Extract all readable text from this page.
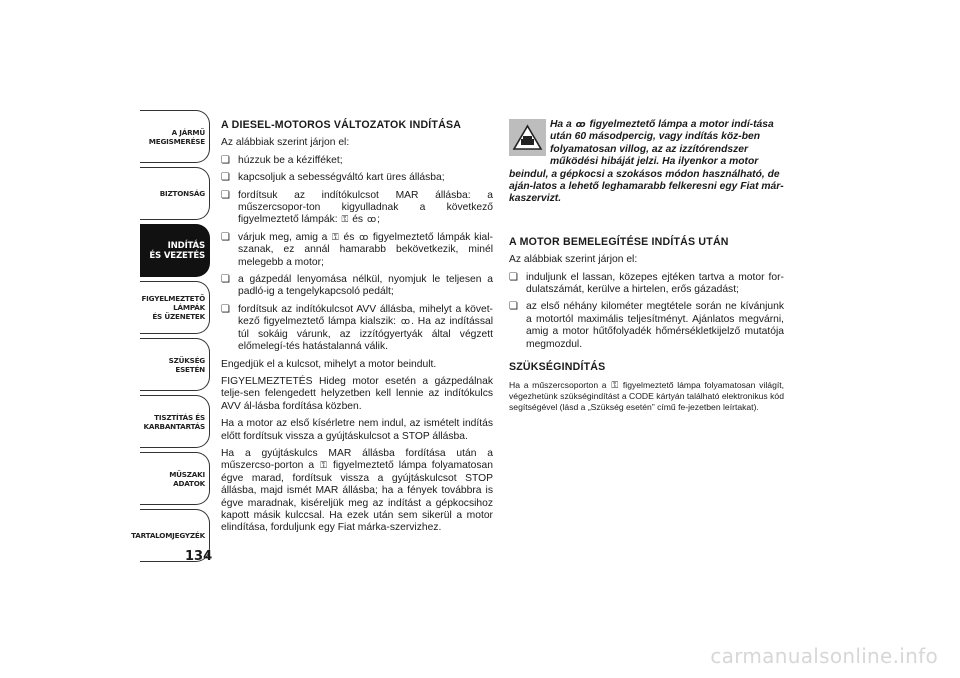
A JÁRMŰ
MEGISMERÉSE
BIZTONSÁG
INDÍTÁS
ÉS VEZETÉS
FIGYELMEZTETŐ
LÁMPÁK
ÉS ÜZENETEK
SZÜKSÉG
ESETÉN
TISZTÍTÁS ÉS
KARBANTARTÁS
MŰSZAKI
ADATOK
TARTALOMJEGYZÉK
134
A DIESEL-MOTOROS VÁLTOZATOK INDÍTÁSA

Az alábbiak szerint járjon el:

❏ húzzuk be a kézifféket;
❏ kapcsoljuk a sebességváltó kart üres állásba;
❏ fordítsuk az indítókulcsot MAR állásba: a műszercsopor-ton kigyulladnak a következő figyelmeztető lámpák: ⚿ és ꝏ;
❏ várjuk meg, amig a ⚿ és ꝏ figyelmeztető lámpák kial-szanak, ez annál hamarabb bekövetkezik, minél melegebb a motor;
❏ a gázpedál lenyomása nélkül, nyomjuk le teljesen a padló-ig a tengelykapcsoló pedált;
❏ fordítsuk az indítókulcsot AVV állásba, mihelyt a követ-kező figyelmeztető lámpa kialszik: ꝏ. Ha az indítással túl sokáig várunk, az izzítógyertyák által végzett előmelegí-tés hatástalanná válik.

Engedjük el a kulcsot, mihelyt a motor beindult.

FIGYELMEZTETÉS Hideg motor esetén a gázpedálnak telje-sen felengedett helyzetben kell lennie az indítókulcs AVV ál-lásba fordítása közben.

Ha a motor az első kísérletre nem indul, az ismételt indítás előtt fordítsuk vissza a gyújtáskulcsot a STOP állásba.

Ha a gyújtáskulcs MAR állásba fordítása után a műszercso-porton a ⚿ figyelmeztető lámpa folyamatosan égve marad, fordítsuk vissza a gyújtáskulcsot STOP állásba, majd ismét MAR állásba; ha a fények továbbra is égve maradnak, kiséreljük meg az indítást a gépkocsihoz kapott másik kulccsal. Ha ezek után sem sikerül a motor elindítása, forduljunk egy Fiat márka-szervizhez.

Ha a ꝏ figyelmeztető lámpa a motor indí-tása után 60 másodpercig, vagy indítás köz-ben folyamatosan villog, az az izzítórendszer működési hibáját jelzi. Ha ilyenkor a motor beindul, a gépkocsi a szokásos módon használható, de aján-latos a lehető leghamarabb felkeresni egy Fiat már-kaszervizt.
A MOTOR BEMELEGÍTÉSE INDÍTÁS UTÁN

Az alábbiak szerint járjon el:

❏ induljunk el lassan, közepes ejtéken tartva a motor for-dulatszámát, kerülve a hirtelen, erős gázadást;
❏ az első néhány kilométer megtétele során ne kívánjunk a motortól maximális teljesítményt. Ajánlatos megvárni, amig a motor hűtőfolyadék hőmérsékletkijelző mutatója megmozdul.
SZÜKSÉGINDÍTÁS

Ha a műszercsoporton a ⚿ figyelmeztető lámpa folyamatosan világít, végezhetünk szükségindítást a CODE kártyán található elektronikus kód segítségével (lásd a „Szükség esetén” című fe-jezetben leírtakat).

carmanualsonline.info
